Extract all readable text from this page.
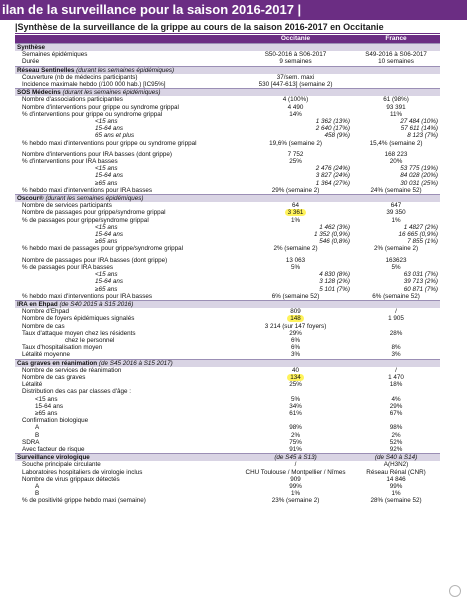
ilan de la surveillance pour la saison 2016-2017 |
|Synthèse de la surveillance de la grippe au cours de la saison 2016-2017 en Occitanie
	Occitanie		France	
Synthèse				
Semaines épidémiques	S50-2016 à S06-2017		S49-2016 à S06-2017	
Durée	9 semaines		10 semaines	
Réseau Sentinelles (durant les semaines épidémiques)				
Couverture (nb de médecins participants)	37/sem. maxi			
Incidence maximale hebdo (/100 000 hab.) [IC95%]	530 [447-613] (semaine 2)			
SOS Médecins (durant les semaines épidémiques)				
Nombre d'associations participantes	4 (100%)		61 (98%)	
Nombre d'interventions pour grippe ou syndrome grippal	4 490		93 391	
% d'interventions pour grippe ou syndrome grippal	14%		11%	
<15 ans		1 362 (13%)		27 484 (10%)
15-64 ans		2 640 (17%)		57 611 (14%)
65 ans et plus		458 (9%)		8 123 (7%)
% hebdo maxi d'interventions pour grippe ou syndrome grippal	19,6% (semaine 2)		15,4% (semaine 2)	

Nombre d'interventions pour IRA basses (dont grippe)	7 752		168 223	
% d'interventions pour IRA basses	25%		20%	
<15 ans		2 476 (24%)		53 775 (19%)
15-64 ans		3 827 (24%)		84 028 (20%)
≥65 ans		1 364 (27%)		30 031 (25%)
% hebdo maxi d'interventions pour IRA basses	29% (semaine 2)		24% (semaine 52)	
Oscour® (durant les semaines épidémiques)				
Nombre de services participants	64		647	
Nombre de passages pour grippe/syndrome grippal	3 361		39 350	
% de passages pour grippe/syndrome grippal	1%		1%	
<15 ans		1 462 (3%)		1 4827 (2%)
15-64 ans		1 352 (0,9%)		16 665 (0,9%)
≥65 ans		546 (0,8%)		7 855 (1%)
% hebdo maxi de passages pour grippe/syndrome grippal	2% (semaine 2)		2% (semaine 2)	

Nombre de passages pour IRA basses (dont grippe)	13 063		163623	
% de passages pour IRA basses	5%		5%	
<15 ans		4 830 (8%)		63 031 (7%)
15-64 ans		3 128 (2%)		39 713 (2%)
≥65 ans		5 101 (7%)		60 871 (7%)
% hebdo maxi d'interventions pour IRA basses	6% (semaine 52)		6% (semaine 52)	
IRA en Ehpad (de S40 2015 à S15 2016)				
Nombre d'Ehpad	809		/	
Nombre de foyers épidémiques signalés	148		1 905	
Nombre de cas	3 214 (sur 147 foyers)			
Taux d'attaque moyen chez les résidents	29%		28%	
chez le personnel	6%			
Taux d'hospitalisation moyen	6%		8%	
Létalité moyenne	3%		3%	
Cas graves en réanimation (de S45 2016 à S15 2017)				
Nombre de services de réanimation	40		/	
Nombre de cas graves	134		1 470	
Létalité	25%		18%	
Distribution des cas par classes d'âge :				
<15 ans	5%		4%	
15-64 ans	34%		29%	
≥65 ans	61%		67%	
Confirmation biologique				
A	98%		98%	
B	2%		2%	
SDRA	75%		52%	
Avec facteur de risque	91%		92%	
Surveillance virologique	(de S45 à S13)		(de S40 à S14)	
Souche principale circulante	/		A(H3N2)	
Laboratoires hospitaliers de virologie inclus	CHU Toulouse / Montpellier / Nîmes		Réseau Rénal (CNR)	
Nombre de virus grippaux détectés	909		14 846	
A	99%		99%	
B	1%		1%	
% de positivité grippe hebdo maxi (semaine)	23% (semaine 2)		28% (semaine 52)	
